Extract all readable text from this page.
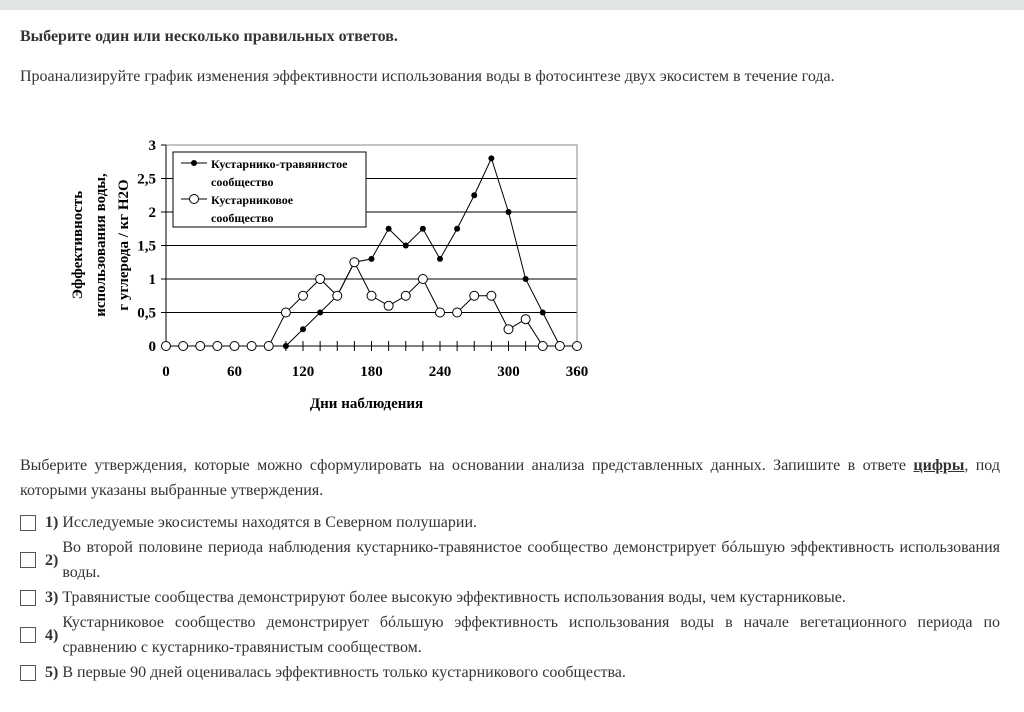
Выберите один или несколько правильных ответов.
Проанализируйте график изменения эффективности использования воды в фотосинтезе двух экосистем в течение года.
0
0,5
1
1,5
2
2,5
3
0	60	120	180	240	300	360
Кустарнико-травянистое
сообщество
Кустарниковое
сообщество
Дни наблюдения
Эффективность использования воды, г углерода / кг Н2О
Выберите утверждения, которые можно сформулировать на основании анализа представленных данных. Запишите в ответе цифры, под которыми указаны выбранные утверждения.
1) Исследуемые экосистемы находятся в Северном полушарии.
2)
Во второй половине периода наблюдения кустарнико-травянистое сообщество демонстрирует бóльшую эффективность использования воды.
3) Травянистые сообщества демонстрируют более высокую эффективность использования воды, чем кустарниковые.
4)
Кустарниковое сообщество демонстрирует бóльшую эффективность использования воды в начале вегетационного периода по сравнению с кустарнико-травянистым сообществом.
5) В первые 90 дней оценивалась эффективность только кустарникового сообщества.
